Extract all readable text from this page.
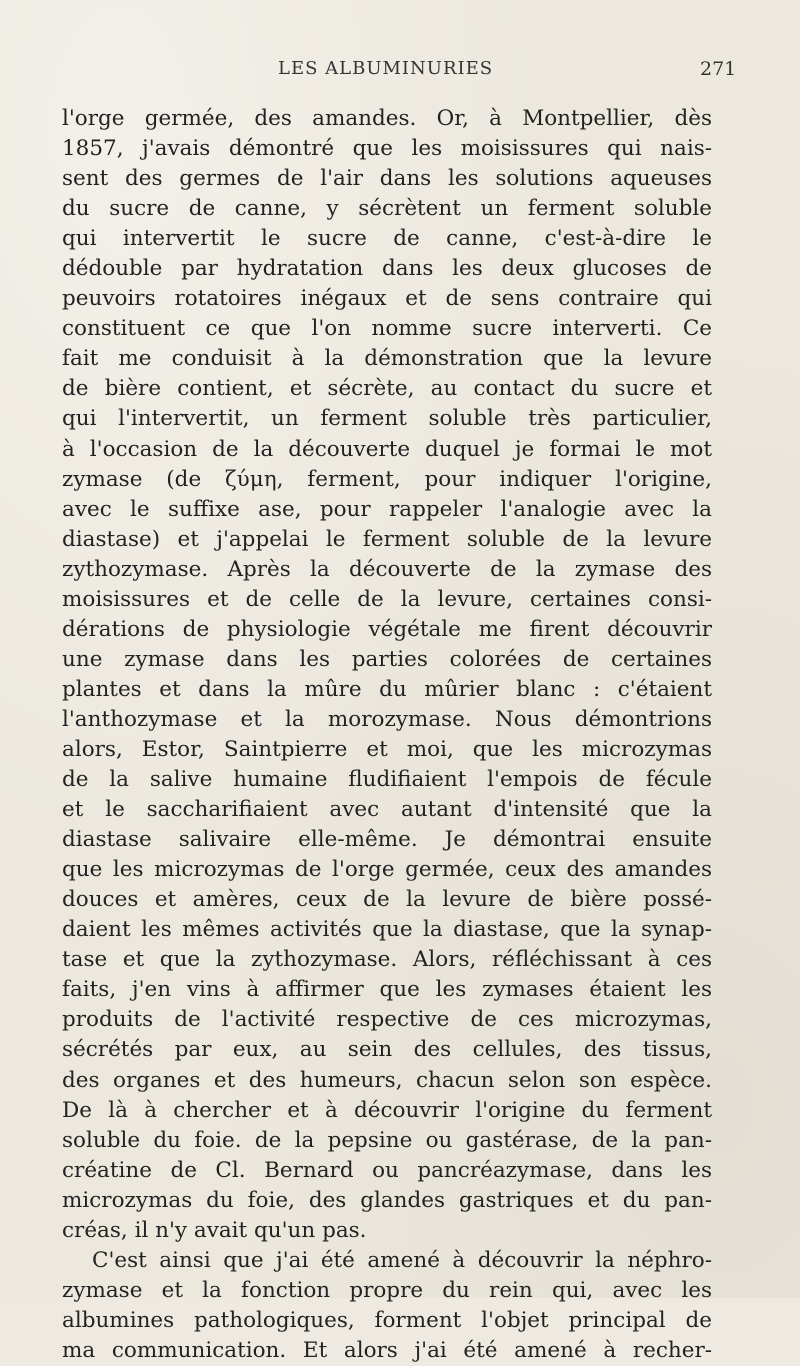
LES ALBUMINURIES	271
l'orge germée, des amandes. Or, à Montpellier, dès
1857, j'avais démontré que les moisissures qui nais-
sent des germes de l'air dans les solutions aqueuses
du sucre de canne, y sécrètent un ferment soluble
qui intervertit le sucre de canne, c'est-à-dire le
dédouble par hydratation dans les deux glucoses de
peuvoirs rotatoires inégaux et de sens contraire qui
constituent ce que l'on nomme sucre interverti. Ce
fait me conduisit à la démonstration que la levure
de bière contient, et sécrète, au contact du sucre et
qui l'intervertit, un ferment soluble très particulier,
à l'occasion de la découverte duquel je formai le mot
zymase (de ζύμη, ferment, pour indiquer l'origine,
avec le suffixe ase, pour rappeler l'analogie avec la
diastase) et j'appelai le ferment soluble de la levure
zythozymase. Après la découverte de la zymase des
moisissures et de celle de la levure, certaines consi-
dérations de physiologie végétale me firent découvrir
une zymase dans les parties colorées de certaines
plantes et dans la mûre du mûrier blanc : c'étaient
l'anthozymase et la morozymase. Nous démontrions
alors, Estor, Saintpierre et moi, que les microzymas
de la salive humaine fludifiaient l'empois de fécule
et le saccharifiaient avec autant d'intensité que la
diastase salivaire elle-même. Je démontrai ensuite
que les microzymas de l'orge germée, ceux des amandes
douces et amères, ceux de la levure de bière possé-
daient les mêmes activités que la diastase, que la synap-
tase et que la zythozymase. Alors, réfléchissant à ces
faits, j'en vins à affirmer que les zymases étaient les
produits de l'activité respective de ces microzymas,
sécrétés par eux, au sein des cellules, des tissus,
des organes et des humeurs, chacun selon son espèce.
De là à chercher et à découvrir l'origine du ferment
soluble du foie. de la pepsine ou gastérase, de la pan-
créatine de Cl. Bernard ou pancréazymase, dans les
microzymas du foie, des glandes gastriques et du pan-
créas, il n'y avait qu'un pas.
C'est ainsi que j'ai été amené à découvrir la néphro-
zymase et la fonction propre du rein qui, avec les
albumines pathologiques, forment l'objet principal de
ma communication. Et alors j'ai été amené à recher-
